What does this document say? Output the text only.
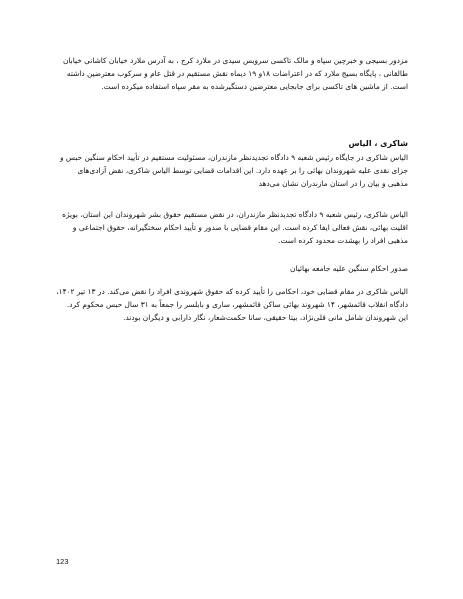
مزدور بسیجی و خبرچین سپاه و مالک تاکسی سرویس سیدی در ملارد کرج ، به آدرس ملارد خیابان کاشانی خیابان طالقانی ، پایگاه بسیج ملارد که در اعتراضات ۱۸و ۱۹ دیماه نقش مستقیم در قتل عام و سرکوب معترضین داشته است. از ماشین های تاکسی برای جابجایی معترضین دستگیرشده به مقر سپاه استفاده میکرده است.
شاکری ، الیاس
الیاس شاکری در جایگاه رئیس شعبه ۹ دادگاه تجدیدنظر مازندران، مسئولیت مستقیم در تأیید احکام سنگین حبس و جزای نقدی علیه شهروندان بهائی را بر عهده دارد. این اقدامات قضایی توسط الیاس شاکری، نقض آزادی‌های مذهبی و بیان را در استان مازندران نشان می‌دهد
الیاس شاکری، رئیس شعبه ۹ دادگاه تجدیدنظر مازندران، در نقض مستقیم حقوق بشر شهروندان این استان، بویژه اقلیت بهائی، نقش فعالی ایفا کرده است. این مقام قضایی با صدور و تأیید احکام سختگیرانه، حقوق اجتماعی و مذهبی افراد را بهشدت محدود کرده است.
صدور احکام سنگین علیه جامعه بهائیان
الیاس شاکری در مقام قضایی خود، احکامی را تأیید کرده که حقوق شهروندی افراد را نقض می‌کند. در ۱۳ تیر ۱۴۰۲، دادگاه انقلاب قائمشهر، ۱۴ شهروند بهائی ساکن قائمشهر، ساری و بابلسر را جمعاً به ۳۱ سال حبس محکوم کرد. این شهروندان شامل مانی قلی‌نژاد، بیتا حقیقی، سانا حکمت‌شعار، نگار دارابی و دیگران بودند.
123
